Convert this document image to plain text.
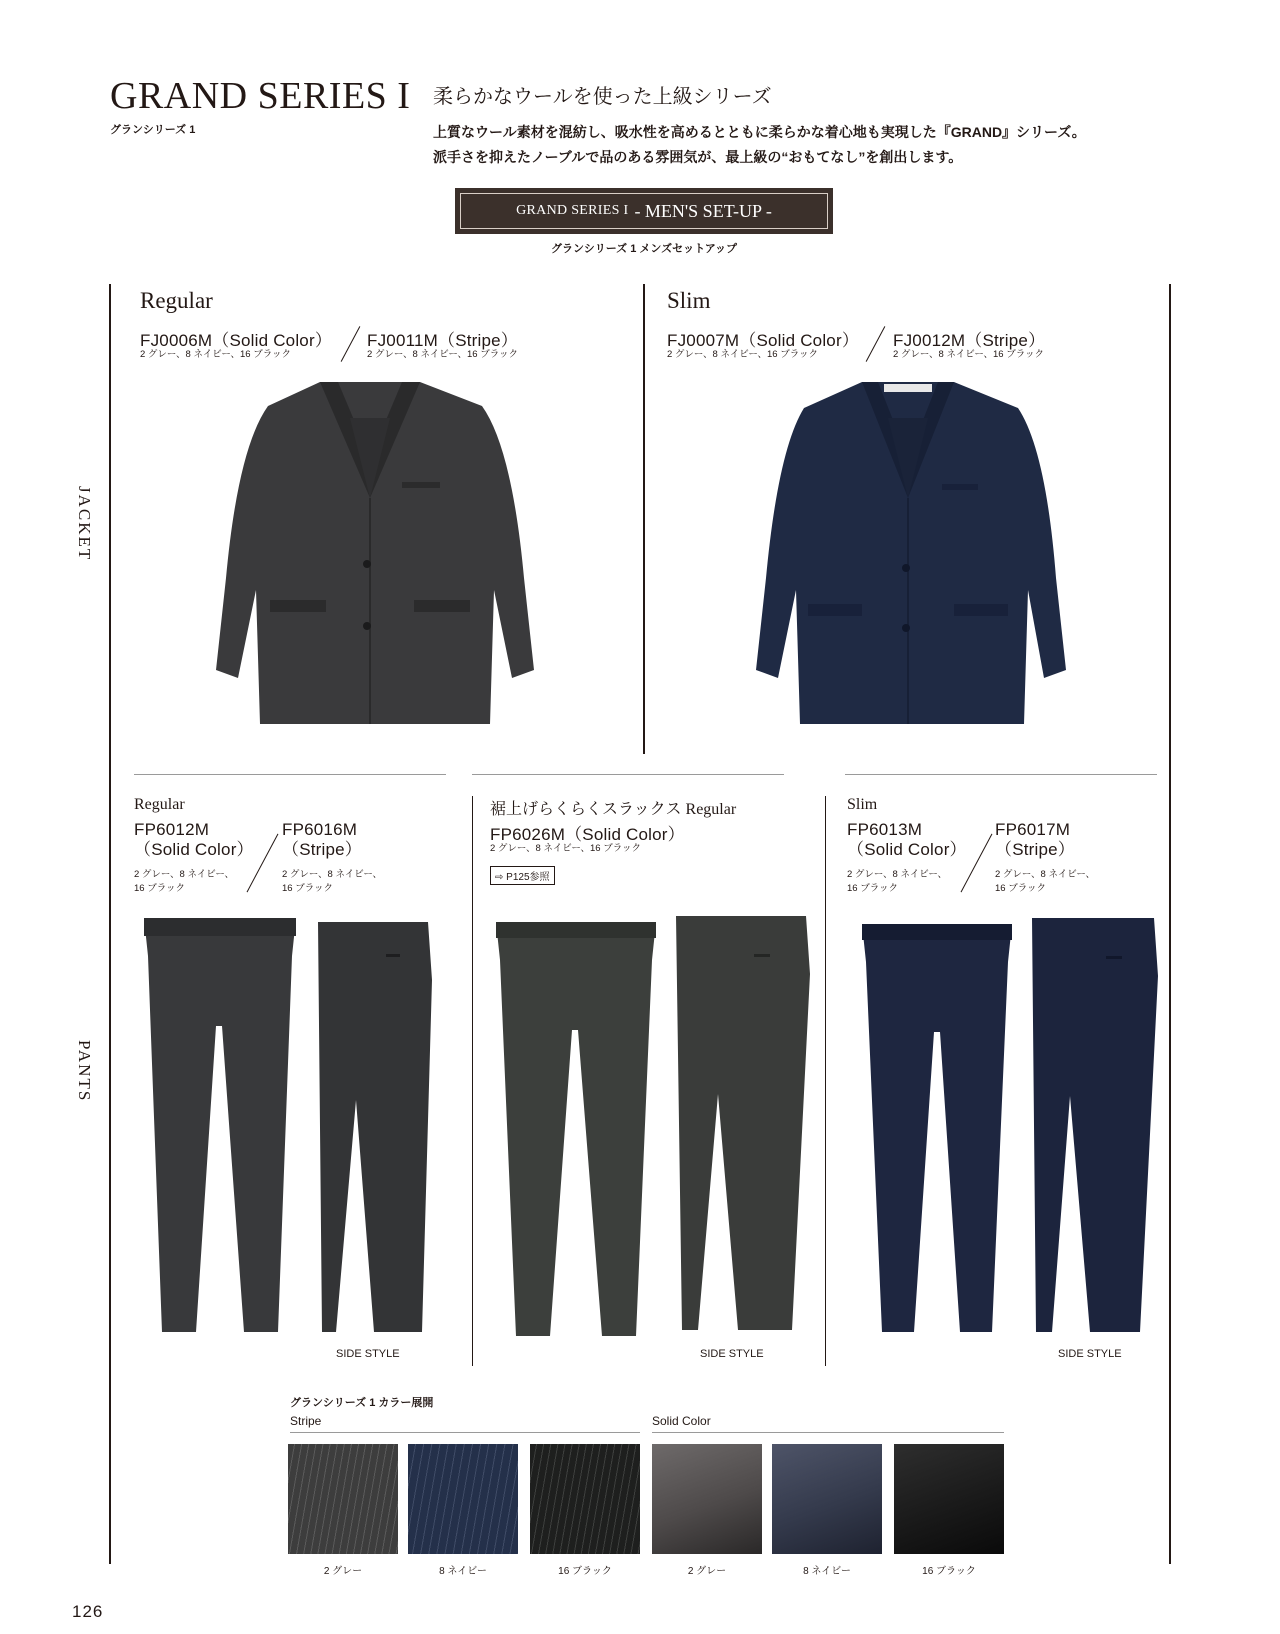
GRAND SERIES I
グランシリーズ 1
柔らかなウールを使った上級シリーズ
上質なウール素材を混紡し、吸水性を高めるとともに柔らかな着心地も実現した『GRAND』シリーズ。
派手さを抑えたノーブルで品のある雰囲気が、最上級の“おもてなし”を創出します。
GRAND SERIES I - MEN'S SET-UP -
グランシリーズ 1 メンズセットアップ
JACKET
PANTS
Regular
FJ0006M（Solid Color）
2 グレー、8 ネイビー、16 ブラック
FJ0011M（Stripe）
2 グレー、8 ネイビー、16 ブラック
Slim
FJ0007M（Solid Color）
2 グレー、8 ネイビー、16 ブラック
FJ0012M（Stripe）
2 グレー、8 ネイビー、16 ブラック
Regular
FP6012M
（Solid Color）
2 グレー、8 ネイビー、
16 ブラック
FP6016M
（Stripe）
2 グレー、8 ネイビー、
16 ブラック
SIDE STYLE
裾上げらくらくスラックス Regular
FP6026M（Solid Color）
2 グレー、8 ネイビー、16 ブラック
⇨ P125参照
SIDE STYLE
Slim
FP6013M
（Solid Color）
2 グレー、8 ネイビー、
16 ブラック
FP6017M
（Stripe）
2 グレー、8 ネイビー、
16 ブラック
SIDE STYLE
グランシリーズ 1 カラー展開
Stripe	Solid Color
2 グレー	8 ネイビー	16 ブラック	2 グレー	8 ネイビー	16 ブラック
126
